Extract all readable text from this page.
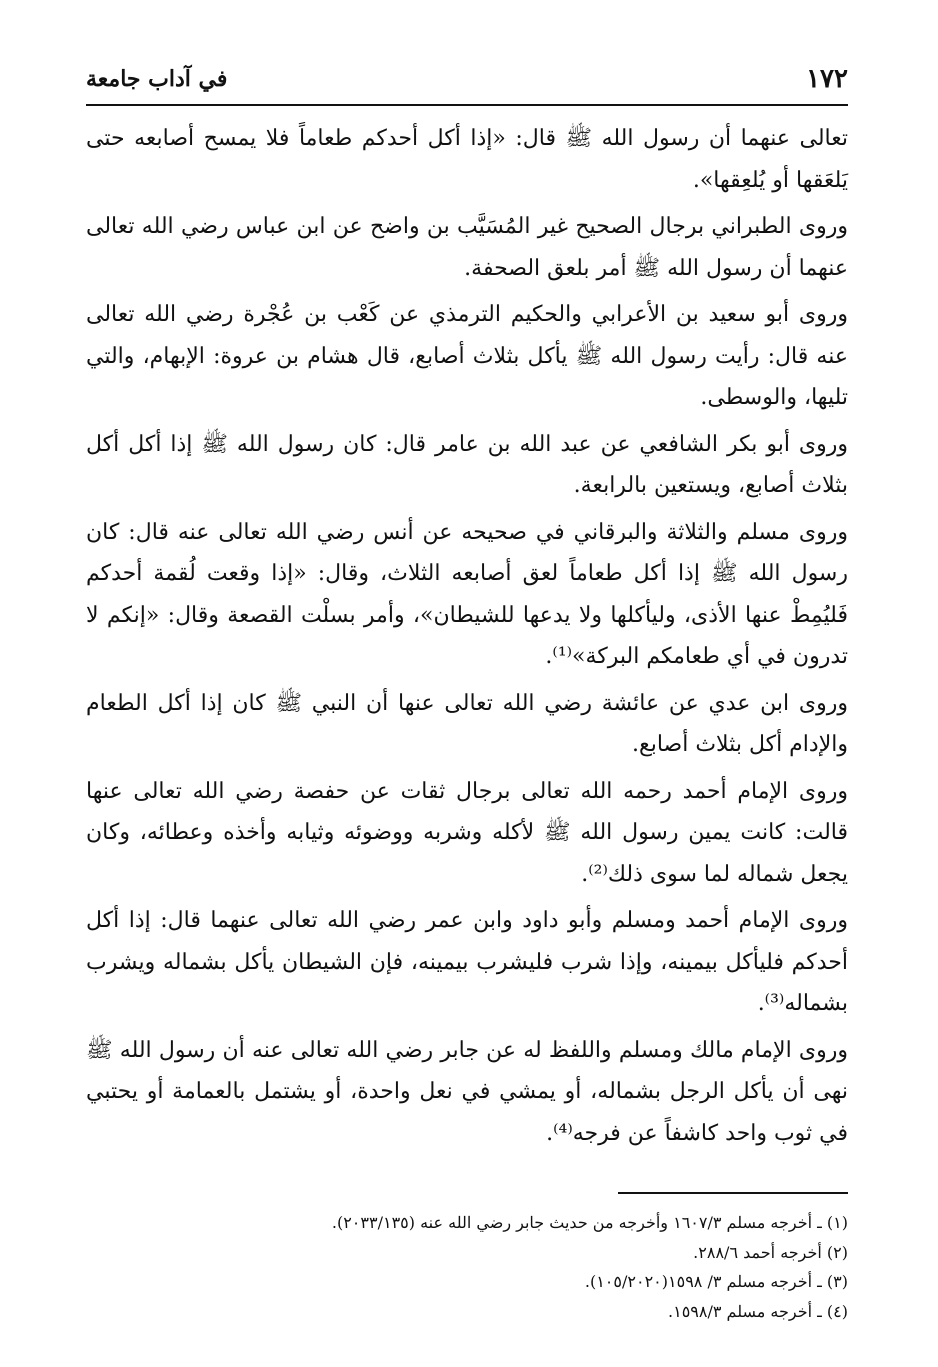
١٧٢
في آداب جامعة

تعالى عنهما أن رسول الله ﷺ قال: «إذا أكل أحدكم طعاماً فلا يمسح أصابعه حتى يَلعَقها أو يُلعِقها».

وروى الطبراني برجال الصحيح غير المُسَيَّب بن واضح عن ابن عباس رضي الله تعالى عنهما أن رسول الله ﷺ أمر بلعق الصحفة.

وروى أبو سعيد بن الأعرابي والحكيم الترمذي عن كَعْب بن عُجْرة رضي الله تعالى عنه قال: رأيت رسول الله ﷺ يأكل بثلاث أصابع، قال هشام بن عروة: الإبهام، والتي تليها، والوسطى.

وروى أبو بكر الشافعي عن عبد الله بن عامر قال: كان رسول الله ﷺ إذا أكل أكل بثلاث أصابع، ويستعين بالرابعة.

وروى مسلم والثلاثة والبرقاني في صحيحه عن أنس رضي الله تعالى عنه قال: كان رسول الله ﷺ إذا أكل طعاماً لعق أصابعه الثلاث، وقال: «إذا وقعت لُقمة أحدكم فَليُمِطْ عنها الأذى، وليأكلها ولا يدعها للشيطان»، وأمر بسلْت القصعة وقال: «إنكم لا تدرون في أي طعامكم البركة»⁽¹⁾.

وروى ابن عدي عن عائشة رضي الله تعالى عنها أن النبي ﷺ كان إذا أكل الطعام والإدام أكل بثلاث أصابع.

وروى الإمام أحمد رحمه الله تعالى برجال ثقات عن حفصة رضي الله تعالى عنها قالت: كانت يمين رسول الله ﷺ لأكله وشربه ووضوئه وثيابه وأخذه وعطائه، وكان يجعل شماله لما سوى ذلك⁽²⁾.

وروى الإمام أحمد ومسلم وأبو داود وابن عمر رضي الله تعالى عنهما قال: إذا أكل أحدكم فليأكل بيمينه، وإذا شرب فليشرب بيمينه، فإن الشيطان يأكل بشماله ويشرب بشماله⁽³⁾.

وروى الإمام مالك ومسلم واللفظ له عن جابر رضي الله تعالى عنه أن رسول الله ﷺ نهى أن يأكل الرجل بشماله، أو يمشي في نعل واحدة، أو يشتمل بالعمامة أو يحتبي في ثوب واحد كاشفاً عن فرجه⁽⁴⁾.

(١) ـ أخرجه مسلم ١٦٠٧/٣ وأخرجه من حديث جابر رضي الله عنه (٢٠٣٣/١٣٥).

(٢) أخرجه أحمد ٢٨٨/٦.

(٣) ـ أخرجه مسلم ٣/ ١٥٩٨(١٠٥/٢٠٢٠).

(٤) ـ أخرجه مسلم ١٥٩٨/٣.
